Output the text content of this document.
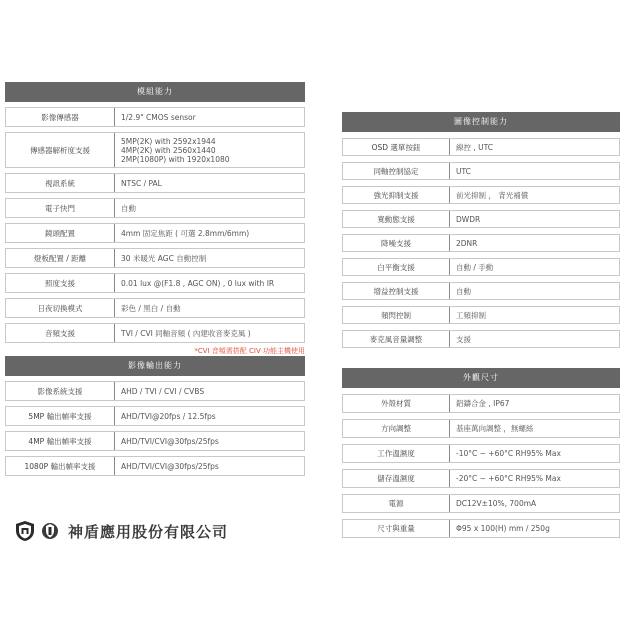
模組能力
影像傳感器	1/2.9" CMOS sensor
傳感器解析度支援
5MP(2K) with 2592x1944
4MP(2K) with 2560x1440
2MP(1080P) with 1920x1080
視訊系統	NTSC / PAL
電子快門	自動
鏡頭配置	4mm 固定焦距 ( 可選 2.8mm/6mm)
燈板配置 / 距離	30 米暖光 AGC 自動控制
照度支援	0.01 lux @(F1.8 , AGC ON) , 0 lux with IR
日夜切換模式	彩色 / 黑白 / 自動
音頻支援	TVI / CVI 同軸音頻 ( 內建收音麥克風 )
*CVI 音頻需搭配 CIV 功能主機使用
影像輸出能力
影像系統支援	AHD / TVI / CVI / CVBS
5MP 輸出幀率支援	AHD/TVI@20fps / 12.5fps
4MP 輸出幀率支援	AHD/TVI/CVI@30fps/25fps
1080P 輸出幀率支援	AHD/TVI/CVI@30fps/25fps
圖像控制能力
OSD 選單按鈕	線控 , UTC
同軸控制協定	UTC
強光抑制支援	前光抑制 ， 背光補償
寬動態支援	DWDR
降噪支援	2DNR
白平衡支援	自動 / 手動
增益控制支援	自動
頻閃控制	工頻抑制
麥克風音量調整	支援
外觀尺寸
外殼材質	鋁鑄合金 , IP67
方向調整	基座萬向調整 ，無螺絲
工作溫濕度	-10°C ~ +60°C RH95% Max
儲存溫濕度	-20°C ~ +60°C RH95% Max
電源	DC12V±10%, 700mA
尺寸與重量	Φ95 x 100(H) mm / 250g
神盾應用股份有限公司
